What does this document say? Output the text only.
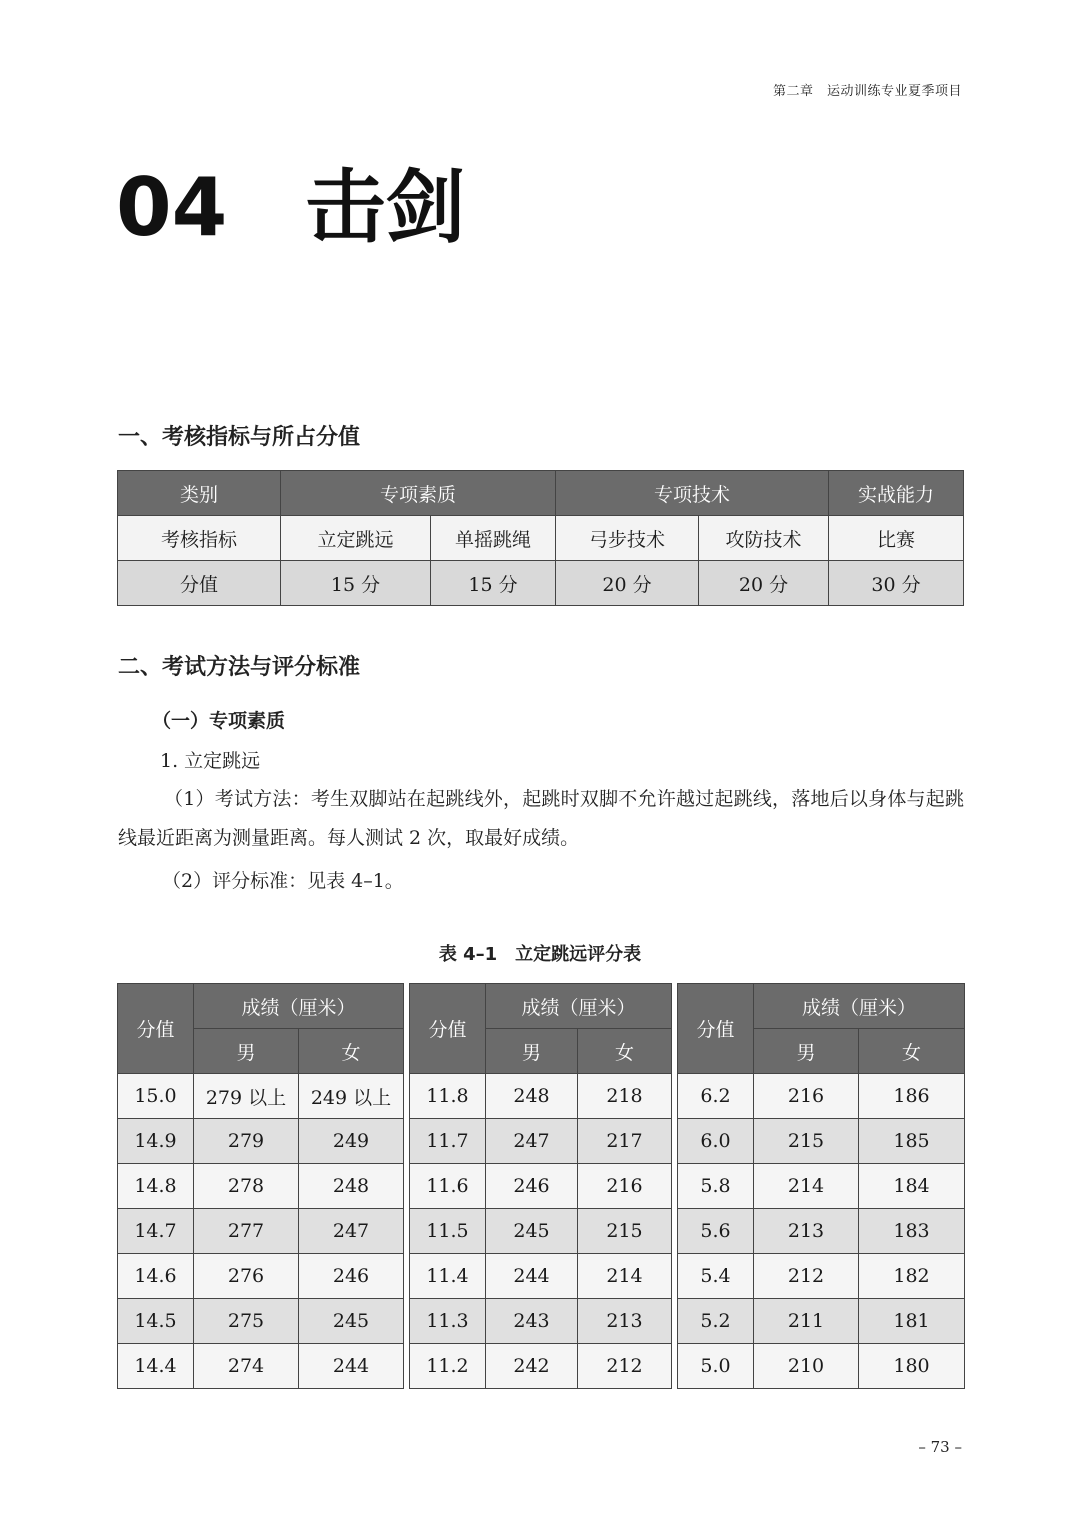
第二章　运动训练专业夏季项目
04 击剑
一、考核指标与所占分值
类别	专项素质		专项技术		实战能力
考核指标	立定跳远	单摇跳绳	弓步技术	攻防技术	比赛
分值	15 分	15 分	20 分	20 分	30 分
二、考试方法与评分标准
（一）专项素质
1. 立定跳远
（1）考试方法：考生双脚站在起跳线外，起跳时双脚不允许越过起跳线，落地后以身体与起跳线最近距离为测量距离。每人测试 2 次，取最好成绩。
（2）评分标准：见表 4–1。
表 4–1　立定跳远评分表
分值	成绩（厘米）	
	男	女
15.0	279 以上	249 以上
14.9	279	249
14.8	278	248
14.7	277	247
14.6	276	246
14.5	275	245
14.4	274	244
分值	成绩（厘米）	
	男	女
11.8	248	218
11.7	247	217
11.6	246	216
11.5	245	215
11.4	244	214
11.3	243	213
11.2	242	212
分值	成绩（厘米）	
	男	女
6.2	216	186
6.0	215	185
5.8	214	184
5.6	213	183
5.4	212	182
5.2	211	181
5.0	210	180
– 73 –
